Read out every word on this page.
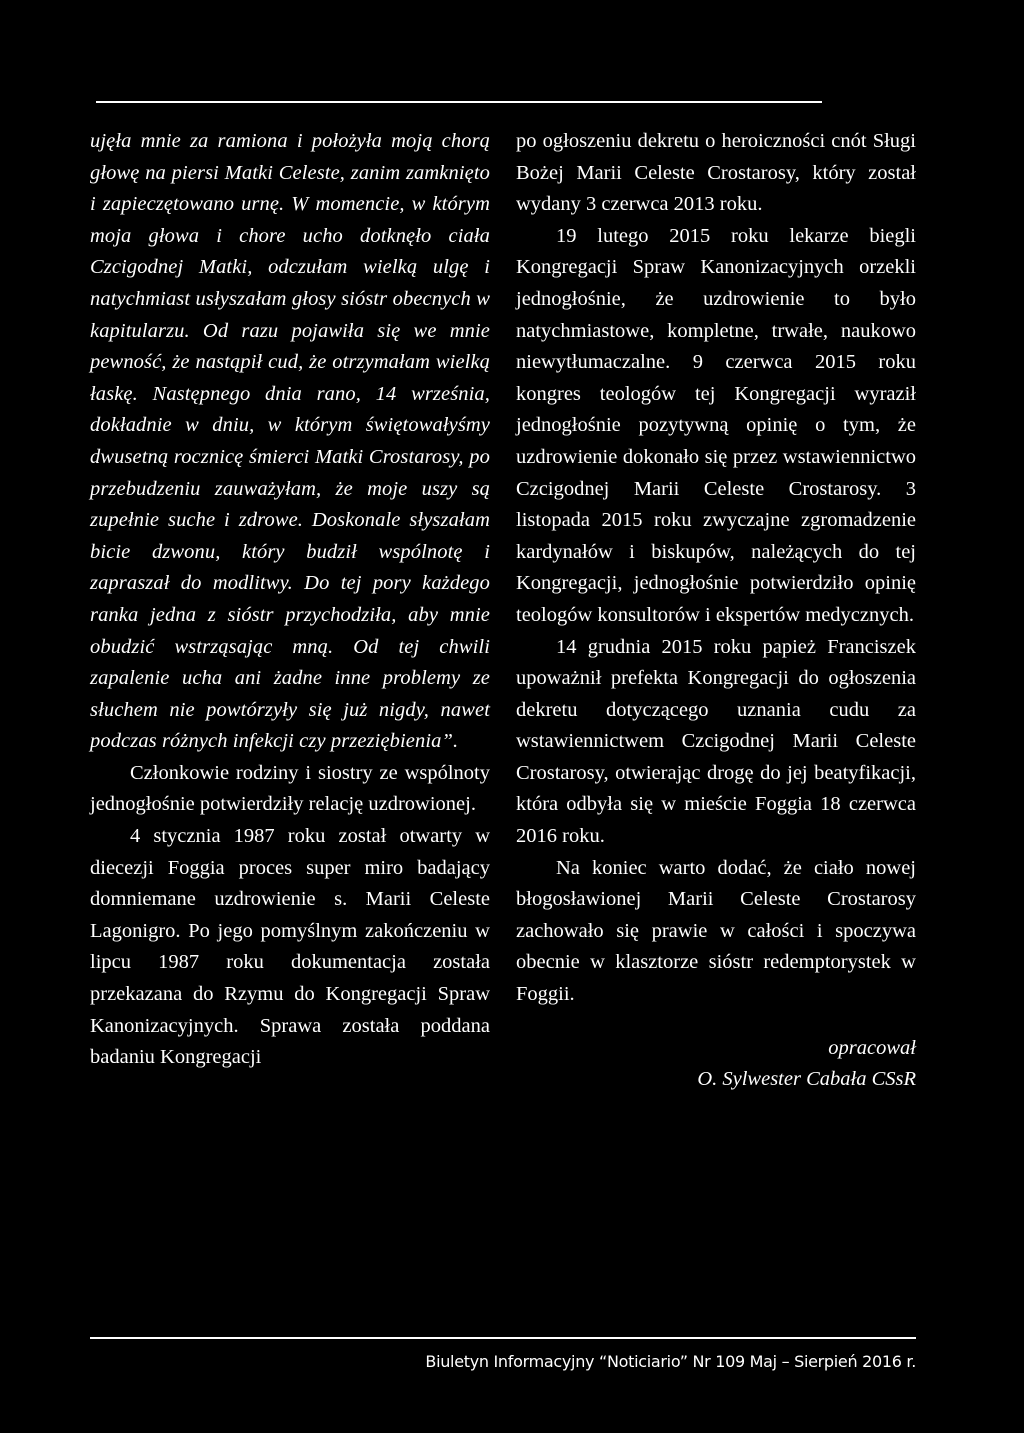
ujęła mnie za ramiona i położyła moją chorą głowę na piersi Matki Celeste, zanim zamknięto i zapieczętowano urnę. W momencie, w którym moja głowa i chore ucho dotknęło ciała Czcigodnej Matki, odczułam wielką ulgę i natychmiast usłyszałam głosy sióstr obecnych w kapitularzu. Od razu pojawiła się we mnie pewność, że nastąpił cud, że otrzymałam wielką łaskę. Następnego dnia rano, 14 września, dokładnie w dniu, w którym świętowałyśmy dwusetną rocznicę śmierci Matki Crostarosy, po przebudzeniu zauważyłam, że moje uszy są zupełnie suche i zdrowe. Doskonale słyszałam bicie dzwonu, który budził wspólnotę i zapraszał do modlitwy. Do tej pory każdego ranka jedna z sióstr przychodziła, aby mnie obudzić wstrząsając mną. Od tej chwili zapalenie ucha ani żadne inne problemy ze słuchem nie powtórzyły się już nigdy, nawet podczas różnych infekcji czy przeziębienia”.

Członkowie rodziny i siostry ze wspólnoty jednogłośnie potwierdziły relację uzdrowionej.

4 stycznia 1987 roku został otwarty w diecezji Foggia proces super miro badający domniemane uzdrowienie s. Marii Celeste Lagonigro. Po jego pomyślnym zakończeniu w lipcu 1987 roku dokumentacja została przekazana do Rzymu do Kongregacji Spraw Kanonizacyjnych. Sprawa została poddana badaniu Kongregacji

po ogłoszeniu dekretu o heroiczności cnót Sługi Bożej Marii Celeste Crostarosy, który został wydany 3 czerwca 2013 roku.

19 lutego 2015 roku lekarze biegli Kongregacji Spraw Kanonizacyjnych orzekli jednogłośnie, że uzdrowienie to było natychmiastowe, kompletne, trwałe, naukowo niewytłumaczalne. 9 czerwca 2015 roku kongres teologów tej Kongregacji wyraził jednogłośnie pozytywną opinię o tym, że uzdrowienie dokonało się przez wstawiennictwo Czcigodnej Marii Celeste Crostarosy. 3 listopada 2015 roku zwyczajne zgromadzenie kardynałów i biskupów, należących do tej Kongregacji, jednogłośnie potwierdziło opinię teologów konsultorów i ekspertów medycznych.

14 grudnia 2015 roku papież Franciszek upoważnił prefekta Kongregacji do ogłoszenia dekretu dotyczącego uznania cudu za wstawiennictwem Czcigodnej Marii Celeste Crostarosy, otwierając drogę do jej beatyfikacji, która odbyła się w mieście Foggia 18 czerwca 2016 roku.

Na koniec warto dodać, że ciało nowej błogosławionej Marii Celeste Crostarosy zachowało się prawie w całości i spoczywa obecnie w klasztorze sióstr redemptorystek w Foggii.

opracował
O. Sylwester Cabała CSsR
Biuletyn Informacyjny “Noticiario” Nr 109 Maj – Sierpień 2016 r.
